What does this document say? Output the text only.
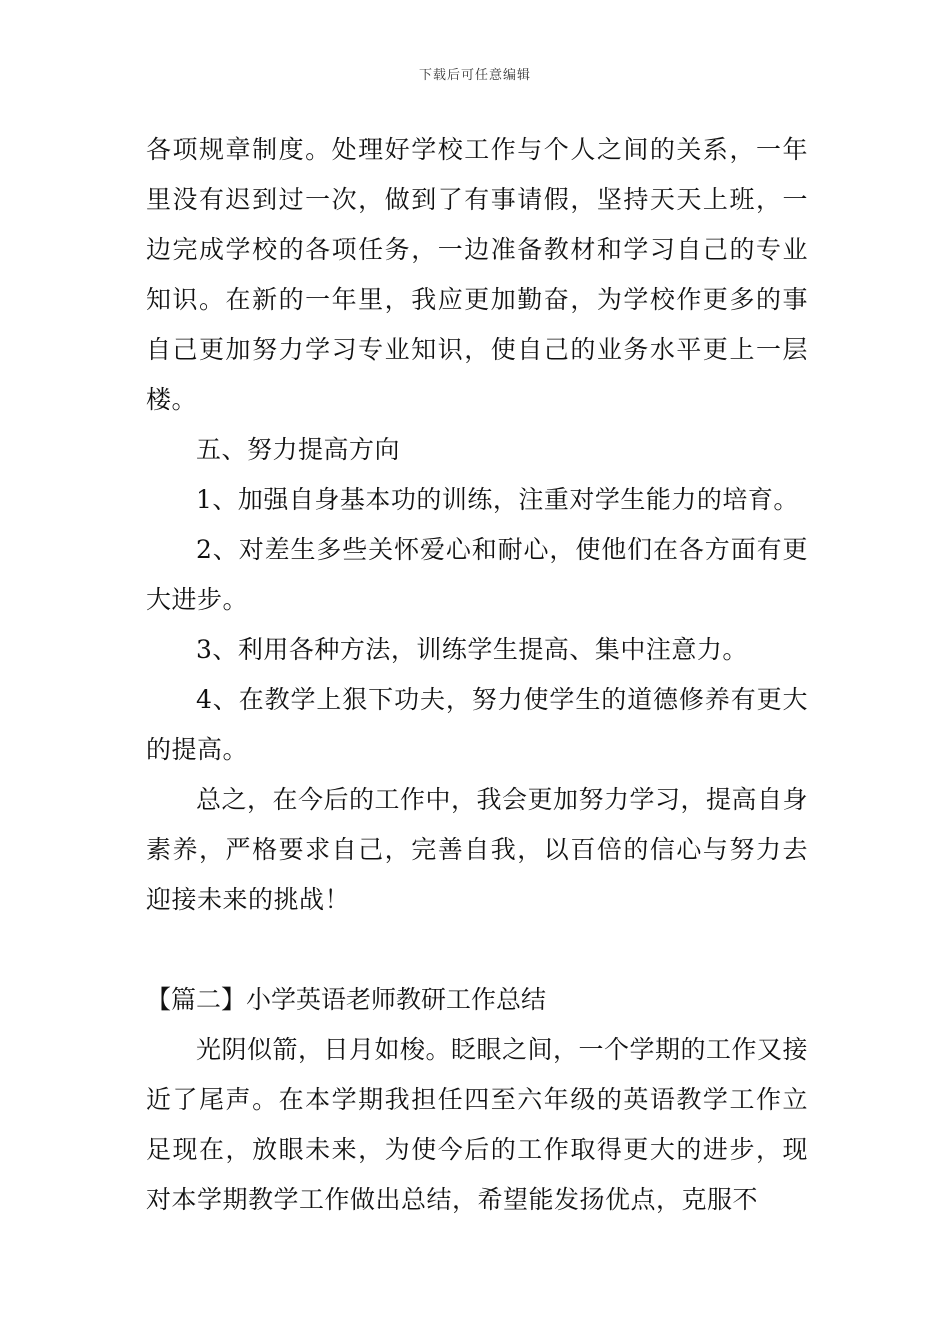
下载后可任意编辑

各项规章制度。处理好学校工作与个人之间的关系，一年里没有迟到过一次，做到了有事请假，坚持天天上班，一边完成学校的各项任务，一边准备教材和学习自己的专业知识。在新的一年里，我应更加勤奋，为学校作更多的事自己更加努力学习专业知识，使自己的业务水平更上一层楼。

五、努力提高方向

1、加强自身基本功的训练，注重对学生能力的培育。

2、对差生多些关怀爱心和耐心，使他们在各方面有更大进步。

3、利用各种方法，训练学生提高、集中注意力。

4、在教学上狠下功夫，努力使学生的道德修养有更大的提高。

总之，在今后的工作中，我会更加努力学习，提高自身素养，严格要求自己，完善自我，以百倍的信心与努力去迎接未来的挑战！

【篇二】小学英语老师教研工作总结

光阴似箭，日月如梭。眨眼之间，一个学期的工作又接近了尾声。在本学期我担任四至六年级的英语教学工作立足现在，放眼未来，为使今后的工作取得更大的进步，现对本学期教学工作做出总结，希望能发扬优点，克服不
